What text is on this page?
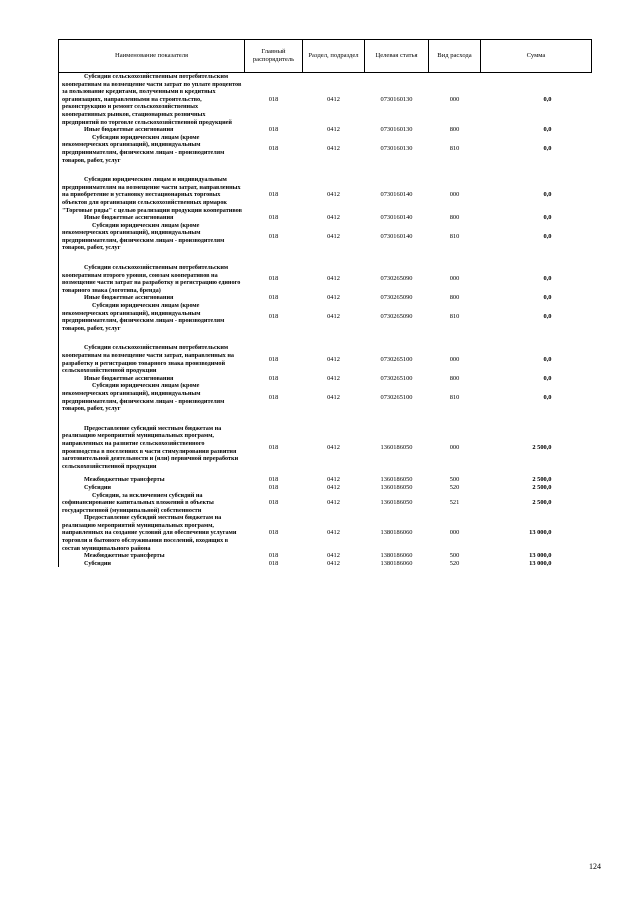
Наименование показателя	Главный распорядитель	Раздел, подраздел	Целевая статья	Вид расхода	Сумма
Субсидии сельскохозяйственным потребительским кооперативам на возмещение части затрат по уплате процентов за пользование кредитами, полученными в кредитных организациях, направленными на строительство, реконструкцию и ремонт сельскохозяйственных кооперативных рынков, стационарных розничных предприятий по торговле сельскохозяйственной продукцией	018	0412	0730160130	000	0,0
Иные бюджетные ассигнования	018	0412	0730160130	800	0,0
Субсидии юридическим лицам (кроме некоммерческих организаций), индивидуальным предпринимателям, физическим лицам - производителям товаров, работ, услуг	018	0412	0730160130	810	0,0

Субсидии юридическим лицам и индивидуальным предпринимателям на возмещение части затрат, направленных на приобретение и установку нестационарных торговых объектов для организации сельскохозяйственных ярмарок "Торговые ряды" с целью реализации продукции кооперативов	018	0412	0730160140	000	0,0
Иные бюджетные ассигнования	018	0412	0730160140	800	0,0
Субсидии юридическим лицам (кроме некоммерческих организаций), индивидуальным предпринимателям, физическим лицам - производителям товаров, работ, услуг	018	0412	0730160140	810	0,0

Субсидии сельскохозяйственным потребительским кооперативам второго уровня, союзам кооперативов на возмещение части затрат на разработку и регистрацию единого товарного знака (логотипа, бренда)	018	0412	0730265090	000	0,0
Иные бюджетные ассигнования	018	0412	0730265090	800	0,0
Субсидии юридическим лицам (кроме некоммерческих организаций), индивидуальным предпринимателям, физическим лицам - производителям товаров, работ, услуг	018	0412	0730265090	810	0,0

Субсидии сельскохозяйственным потребительским кооперативам на возмещение части затрат, направленных на разработку и регистрацию товарного знака производимой сельскохозяйственной продукции	018	0412	0730265100	000	0,0
Иные бюджетные ассигнования	018	0412	0730265100	800	0,0
Субсидии юридическим лицам (кроме некоммерческих организаций), индивидуальным предпринимателям, физическим лицам - производителям товаров, работ, услуг	018	0412	0730265100	810	0,0

Предоставление субсидий местным бюджетам на реализацию мероприятий муниципальных программ, направленных на развитие сельскохозяйственного производства в поселениях в части стимулирования развития заготовительной деятельности и (или) первичной переработки сельскохозяйственной продукции	018	0412	1360186050	000	2 500,0

Межбюджетные трансферты	018	0412	1360186050	500	2 500,0
Субсидии	018	0412	1360186050	520	2 500,0
Субсидии, за исключением субсидий на софинансирование капитальных вложений в объекты государственной (муниципальной) собственности	018	0412	1360186050	521	2 500,0
Предоставление субсидий местным бюджетам на реализацию мероприятий муниципальных программ, направленных на создание условий для обеспечения услугами торговли и бытового обслуживания поселений, входящих в состав муниципального района	018	0412	1380186060	000	13 000,0
Межбюджетные трансферты	018	0412	1380186060	500	13 000,0
Субсидии	018	0412	1380186060	520	13 000,0
124
